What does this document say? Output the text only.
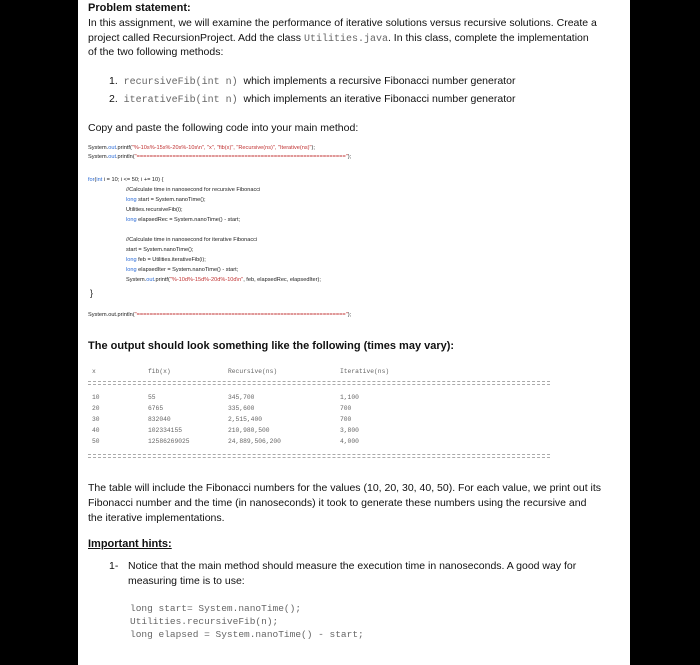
Problem statement:
In this assignment, we will examine the performance of iterative solutions versus recursive solutions. Create a
project called RecursionProject. Add the class Utilities.java. In this class, complete the implementation
of the two following methods:
1. recursiveFib(int n) which implements a recursive Fibonacci number generator
2. iterativeFib(int n) which implements an iterative Fibonacci number generator
Copy and paste the following code into your main method:
System.out.printf("%-10s%-15s%-20s%-10s\n", "x", "fib(x)", "Recursive(ns)", "Iterative(ns)");
System.out.println("================================================================");
for(int i = 10; i <= 50; i += 10) {
//Calculate time in nanosecond for recursive Fibonacci
long start = System.nanoTime();
Utilities.recursiveFib(i);
long elapsedRec = System.nanoTime() - start;
//Calculate time in nanosecond for iterative Fibonacci
start = System.nanoTime();
long feb = Utilities.iterativeFib(i);
long elapsedIter = System.nanoTime() - start;
System.out.printf("%-10d%-15d%-20d%-10d\n", feb, elapsedRec, elapsedIter);
}
System.out.println("================================================================");
The output should look something like the following (times may vary):
x	fib(x)	Recursive(ns)	Iterative(ns)
10	55	345,700	1,100
20	6765	335,600	700
30	832040	2,515,400	700
40	102334155	210,980,500	3,800
50	12586269025	24,889,506,200	4,000
The table will include the Fibonacci numbers for the values (10, 20, 30, 40, 50). For each value, we print out its
Fibonacci number and the time (in nanoseconds) it took to generate these numbers using the recursive and
the iterative implementations.
Important hints:
1- Notice that the main method should measure the execution time in nanoseconds. A good way for
measuring time is to use:
long start= System.nanoTime();
Utilities.recursiveFib(n);
long elapsed = System.nanoTime() - start;
